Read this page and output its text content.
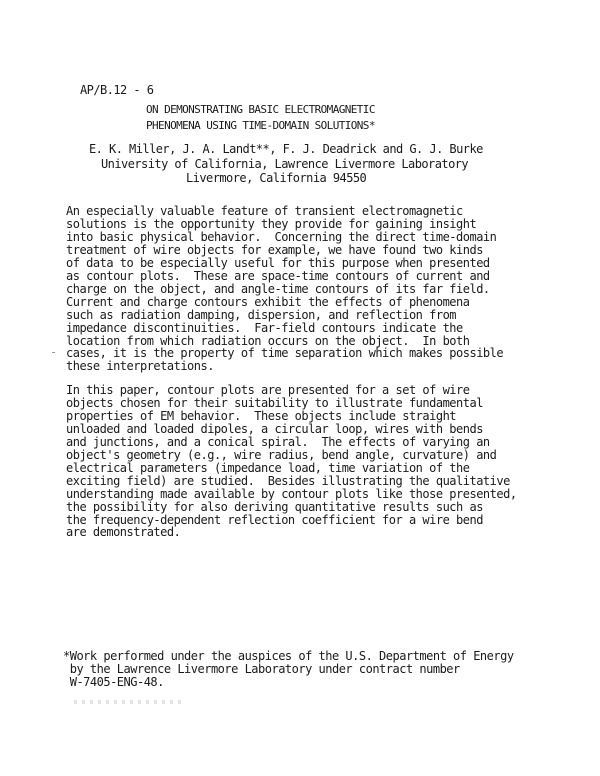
AP/B.12 - 6
ON DEMONSTRATING BASIC ELECTROMAGNETIC
PHENOMENA USING TIME-DOMAIN SOLUTIONS*
E. K. Miller, J. A. Landt**, F. J. Deadrick and G. J. Burke
University of California, Lawrence Livermore Laboratory
Livermore, California 94550
An especially valuable feature of transient electromagnetic
solutions is the opportunity they provide for gaining insight
into basic physical behavior.  Concerning the direct time-domain
treatment of wire objects for example, we have found two kinds
of data to be especially useful for this purpose when presented
as contour plots.  These are space-time contours of current and
charge on the object, and angle-time contours of its far field.
Current and charge contours exhibit the effects of phenomena
such as radiation damping, dispersion, and reflection from
impedance discontinuities.  Far-field contours indicate the
location from which radiation occurs on the object.  In both
cases, it is the property of time separation which makes possible
these interpretations.
In this paper, contour plots are presented for a set of wire
objects chosen for their suitability to illustrate fundamental
properties of EM behavior.  These objects include straight
unloaded and loaded dipoles, a circular loop, wires with bends
and junctions, and a conical spiral.  The effects of varying an
object's geometry (e.g., wire radius, bend angle, curvature) and
electrical parameters (impedance load, time variation of the
exciting field) are studied.  Besides illustrating the qualitative
understanding made available by contour plots like those presented,
the possibility for also deriving quantitative results such as
the frequency-dependent reflection coefficient for a wire bend
are demonstrated.
*Work performed under the auspices of the U.S. Department of Energy
by the Lawrence Livermore Laboratory under contract number
W-7405-ENG-48.
